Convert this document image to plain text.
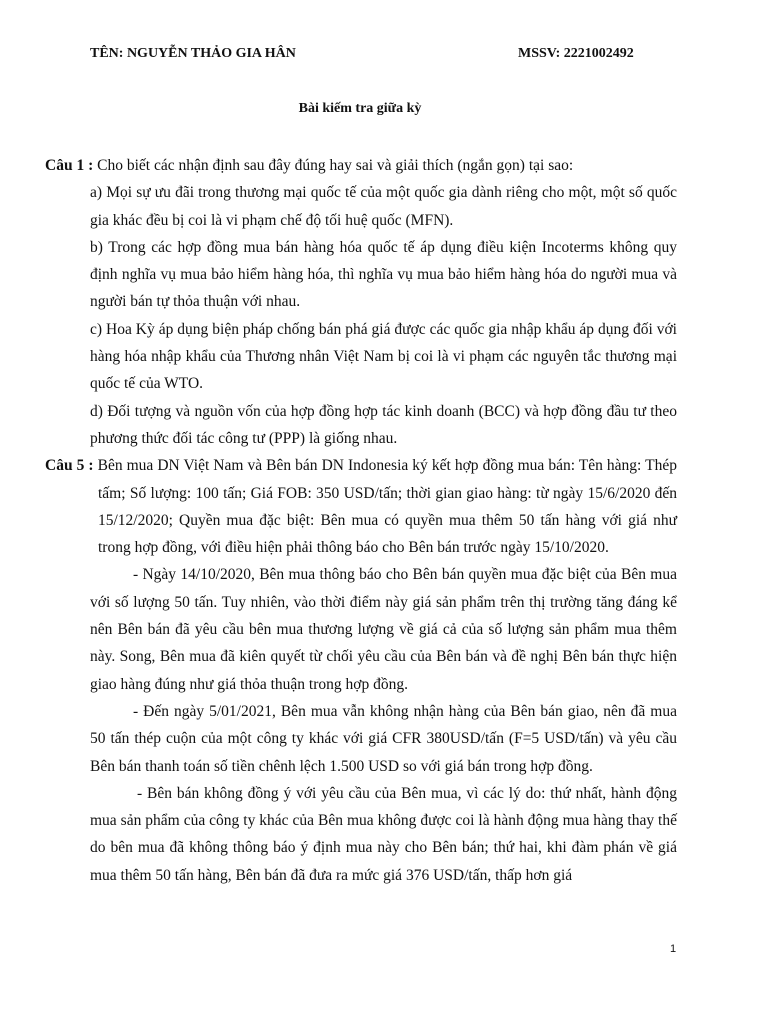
TÊN: NGUYỄN THẢO GIA HÂN	MSSV: 2221002492
Bài kiếm tra giữa kỳ

Câu 1 : Cho biết các nhận định sau đây đúng hay sai và giải thích (ngắn gọn) tại sao:

a) Mọi sự ưu đãi trong thương mại quốc tế của một quốc gia dành riêng cho một, một số quốc gia khác đều bị coi là vi phạm chế độ tối huệ quốc (MFN).

b) Trong các hợp đồng mua bán hàng hóa quốc tế áp dụng điều kiện Incoterms không quy định nghĩa vụ mua bảo hiểm hàng hóa, thì nghĩa vụ mua bảo hiểm hàng hóa do người mua và người bán tự thỏa thuận với nhau.

c) Hoa Kỳ áp dụng biện pháp chống bán phá giá được các quốc gia nhập khẩu áp dụng đối với hàng hóa nhập khẩu của Thương nhân Việt Nam bị coi là vi phạm các nguyên tắc thương mại quốc tế của WTO.

d) Đối tượng và nguồn vốn của hợp đồng hợp tác kinh doanh (BCC) và hợp đồng đầu tư theo phương thức đối tác công tư (PPP) là giống nhau.

Câu 5 : Bên mua DN Việt Nam và Bên bán DN Indonesia ký kết hợp đồng mua bán: Tên hàng: Thép tấm; Số lượng: 100 tấn; Giá FOB: 350 USD/tấn; thời gian giao hàng: từ ngày 15/6/2020 đến 15/12/2020; Quyền mua đặc biệt: Bên mua có quyền mua thêm 50 tấn hàng với giá như trong hợp đồng, với điều hiện phải thông báo cho Bên bán trước ngày 15/10/2020.

- Ngày 14/10/2020, Bên mua thông báo cho Bên bán quyền mua đặc biệt của Bên mua với số lượng 50 tấn. Tuy nhiên, vào thời điểm này giá sản phẩm trên thị trường tăng đáng kể nên Bên bán đã yêu cầu bên mua thương lượng về giá cả của số lượng sản phẩm mua thêm này. Song, Bên mua đã kiên quyết từ chối yêu cầu của Bên bán và đề nghị Bên bán thực hiện giao hàng đúng như giá thỏa thuận trong hợp đồng.

- Đến ngày 5/01/2021, Bên mua vẫn không nhận hàng của Bên bán giao, nên đã mua 50 tấn thép cuộn của một công ty khác với giá CFR 380USD/tấn (F=5 USD/tấn) và yêu cầu Bên bán thanh toán số tiền chênh lệch 1.500 USD so với giá bán trong hợp đồng.

- Bên bán không đồng ý với yêu cầu của Bên mua, vì các lý do: thứ nhất, hành động mua sản phẩm của công ty khác của Bên mua không được coi là hành động mua hàng thay thế do bên mua đã không thông báo ý định mua này cho Bên bán; thứ hai, khi đàm phán về giá mua thêm 50 tấn hàng, Bên bán đã đưa ra mức giá 376 USD/tấn, thấp hơn giá

1
